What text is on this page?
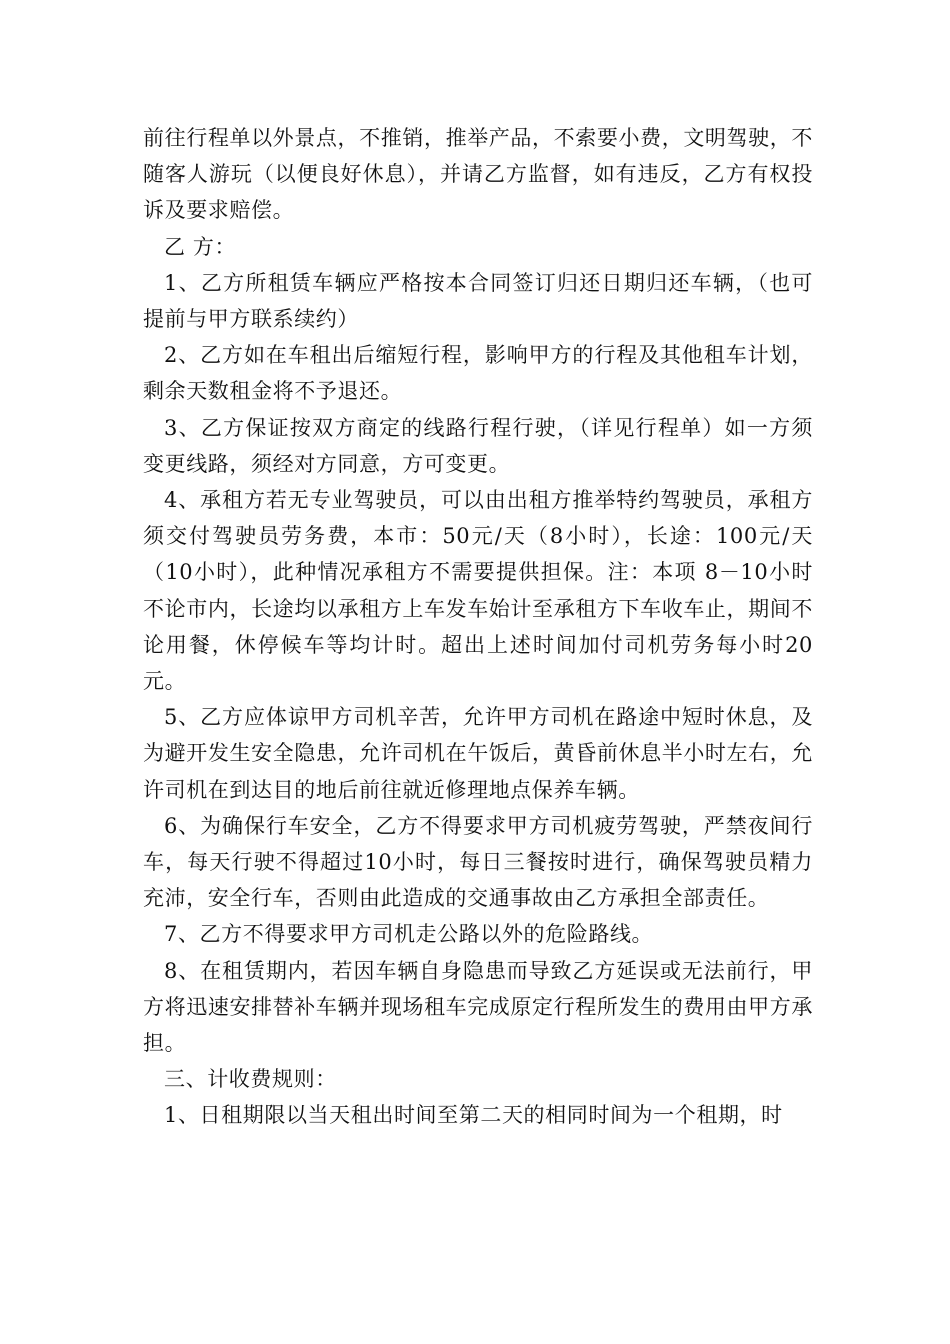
前往行程单以外景点，不推销，推举产品，不索要小费，文明驾驶，不随客人游玩（以便良好休息），并请乙方监督，如有违反，乙方有权投诉及要求赔偿。

乙 方：

1、乙方所租赁车辆应严格按本合同签订归还日期归还车辆，（也可提前与甲方联系续约）

2、乙方如在车租出后缩短行程，影响甲方的行程及其他租车计划，剩余天数租金将不予退还。

3、乙方保证按双方商定的线路行程行驶，（详见行程单）如一方须变更线路，须经对方同意，方可变更。

4、承租方若无专业驾驶员，可以由出租方推举特约驾驶员，承租方须交付驾驶员劳务费，本市：50元/天（8小时），长途：100元/天（10小时），此种情况承租方不需要提供担保。注：本项 8－10小时不论市内，长途均以承租方上车发车始计至承租方下车收车止，期间不论用餐，休停候车等均计时。超出上述时间加付司机劳务每小时20元。

5、乙方应体谅甲方司机辛苦，允许甲方司机在路途中短时休息，及为避开发生安全隐患，允许司机在午饭后，黄昏前休息半小时左右，允许司机在到达目的地后前往就近修理地点保养车辆。

6、为确保行车安全，乙方不得要求甲方司机疲劳驾驶，严禁夜间行车，每天行驶不得超过10小时，每日三餐按时进行，确保驾驶员精力充沛，安全行车，否则由此造成的交通事故由乙方承担全部责任。

7、乙方不得要求甲方司机走公路以外的危险路线。

8、在租赁期内，若因车辆自身隐患而导致乙方延误或无法前行，甲方将迅速安排替补车辆并现场租车完成原定行程所发生的费用由甲方承担。

三、计收费规则：

1、日租期限以当天租出时间至第二天的相同时间为一个租期，时
